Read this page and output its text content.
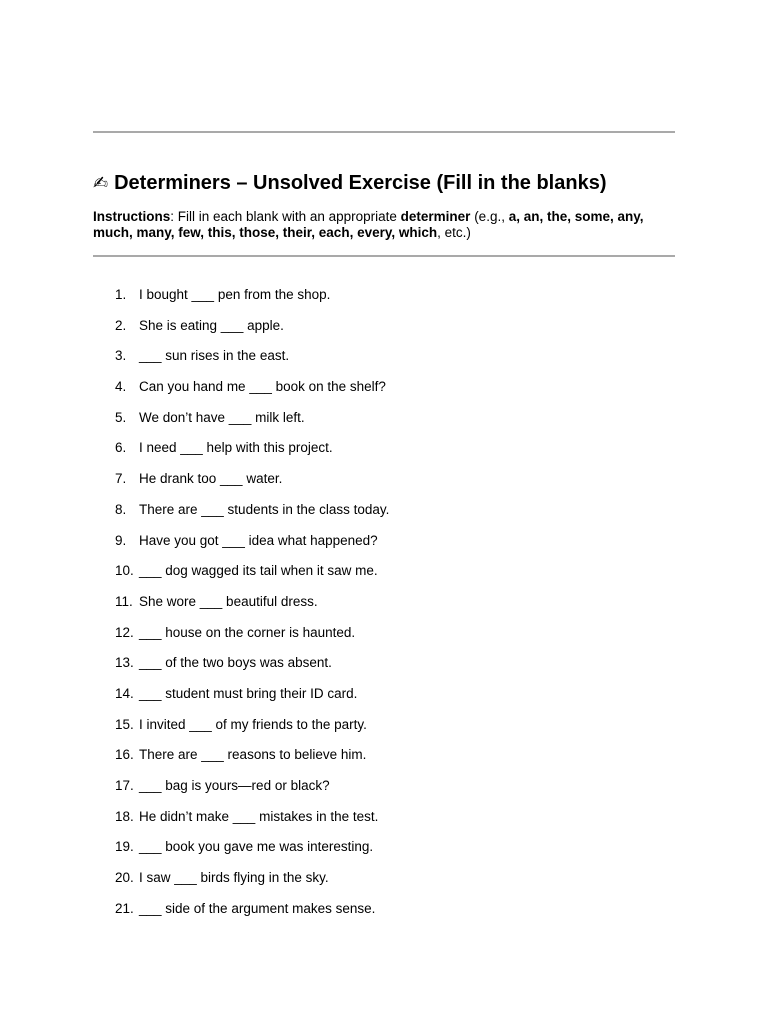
✍ Determiners – Unsolved Exercise (Fill in the blanks)
Instructions: Fill in each blank with an appropriate determiner (e.g., a, an, the, some, any, much, many, few, this, those, their, each, every, which, etc.)
1. I bought ___ pen from the shop.
2. She is eating ___ apple.
3. ___ sun rises in the east.
4. Can you hand me ___ book on the shelf?
5. We don’t have ___ milk left.
6. I need ___ help with this project.
7. He drank too ___ water.
8. There are ___ students in the class today.
9. Have you got ___ idea what happened?
10. ___ dog wagged its tail when it saw me.
11. She wore ___ beautiful dress.
12. ___ house on the corner is haunted.
13. ___ of the two boys was absent.
14. ___ student must bring their ID card.
15. I invited ___ of my friends to the party.
16. There are ___ reasons to believe him.
17. ___ bag is yours—red or black?
18. He didn’t make ___ mistakes in the test.
19. ___ book you gave me was interesting.
20. I saw ___ birds flying in the sky.
21. ___ side of the argument makes sense.
